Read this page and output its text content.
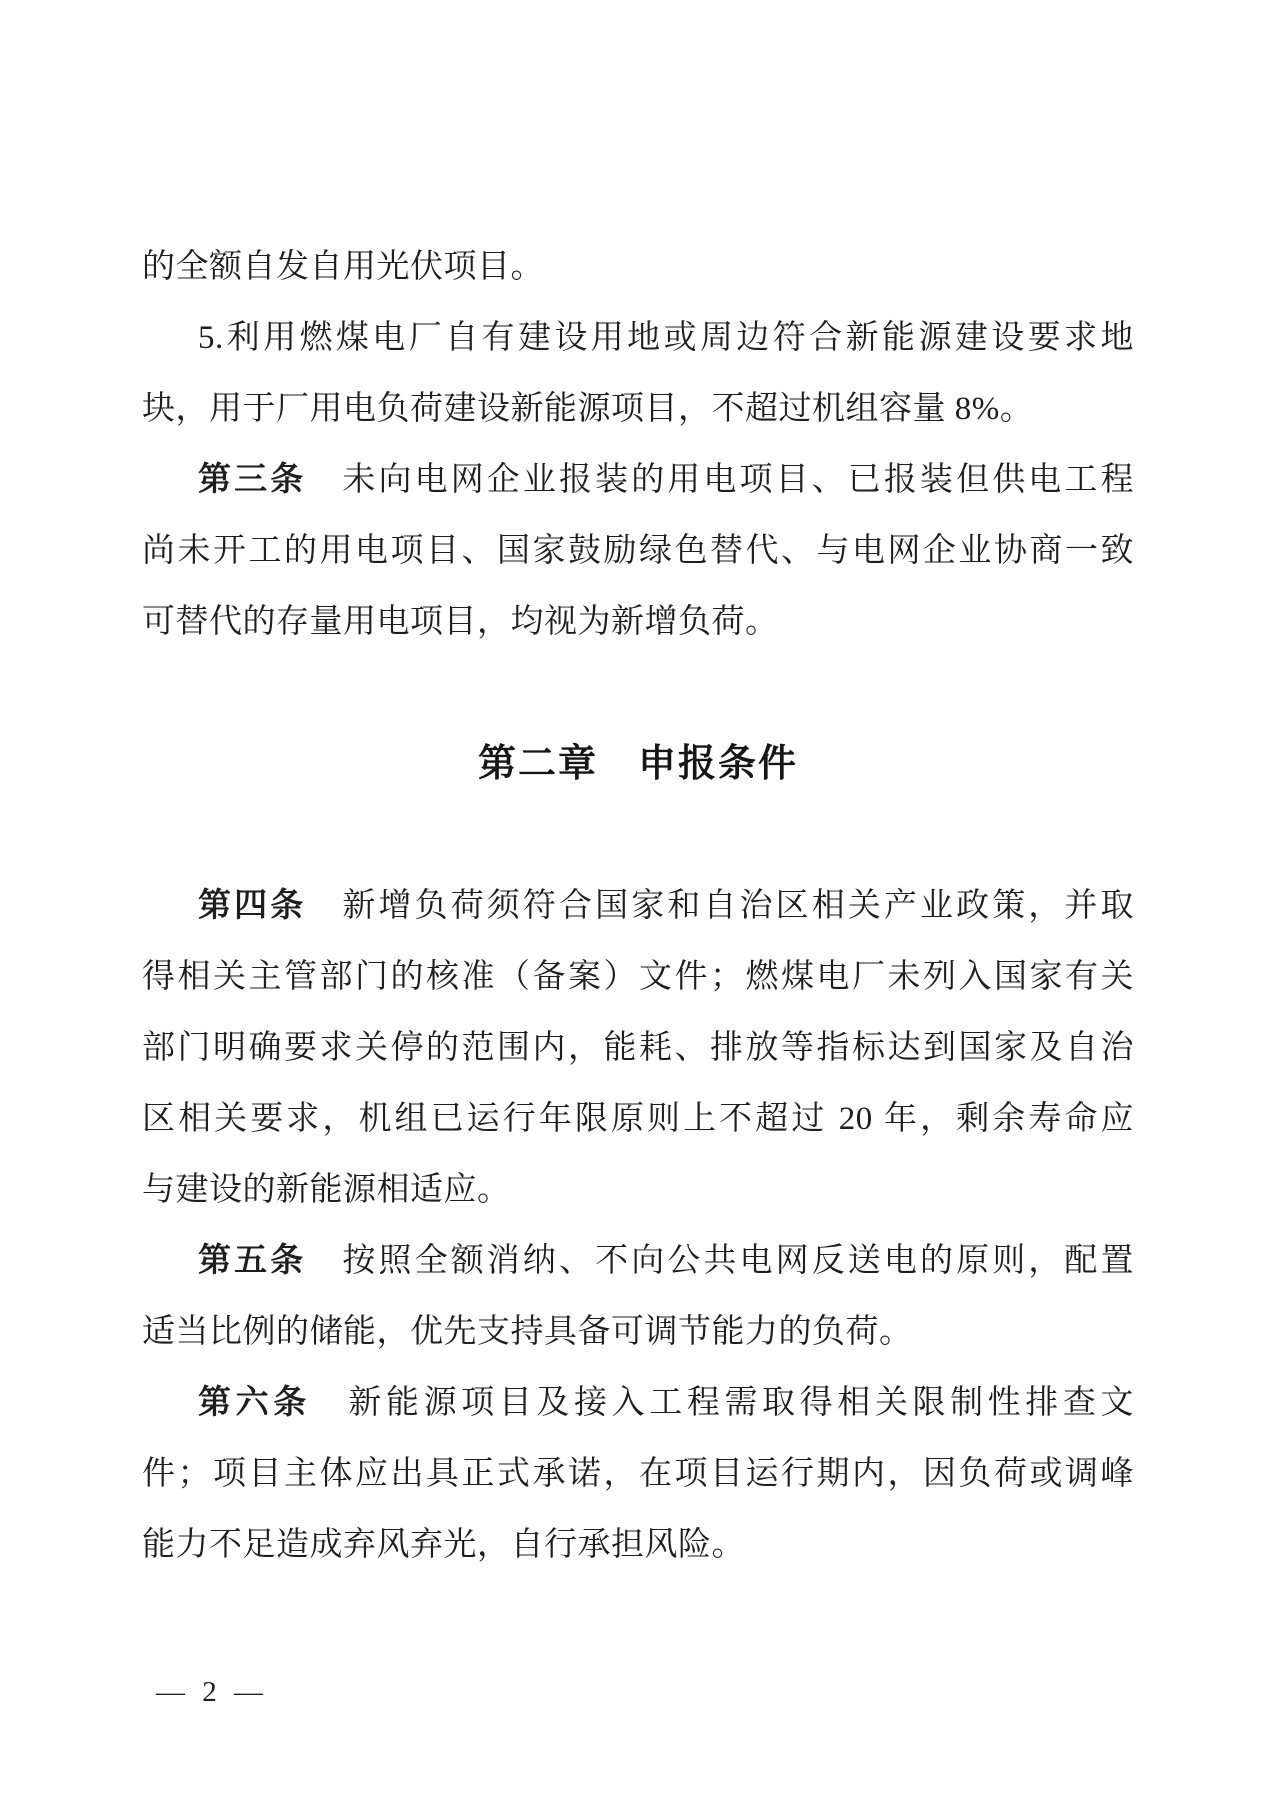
的全额自发自用光伏项目。

5.利用燃煤电厂自有建设用地或周边符合新能源建设要求地

块，用于厂用电负荷建设新能源项目，不超过机组容量 8%。

第三条　未向电网企业报装的用电项目、已报装但供电工程

尚未开工的用电项目、国家鼓励绿色替代、与电网企业协商一致

可替代的存量用电项目，均视为新增负荷。

第二章　申报条件

第四条　新增负荷须符合国家和自治区相关产业政策，并取

得相关主管部门的核准（备案）文件；燃煤电厂未列入国家有关

部门明确要求关停的范围内，能耗、排放等指标达到国家及自治

区相关要求，机组已运行年限原则上不超过 20 年，剩余寿命应

与建设的新能源相适应。

第五条　按照全额消纳、不向公共电网反送电的原则，配置

适当比例的储能，优先支持具备可调节能力的负荷。

第六条　新能源项目及接入工程需取得相关限制性排查文

件；项目主体应出具正式承诺，在项目运行期内，因负荷或调峰

能力不足造成弃风弃光，自行承担风险。

— 2 —
